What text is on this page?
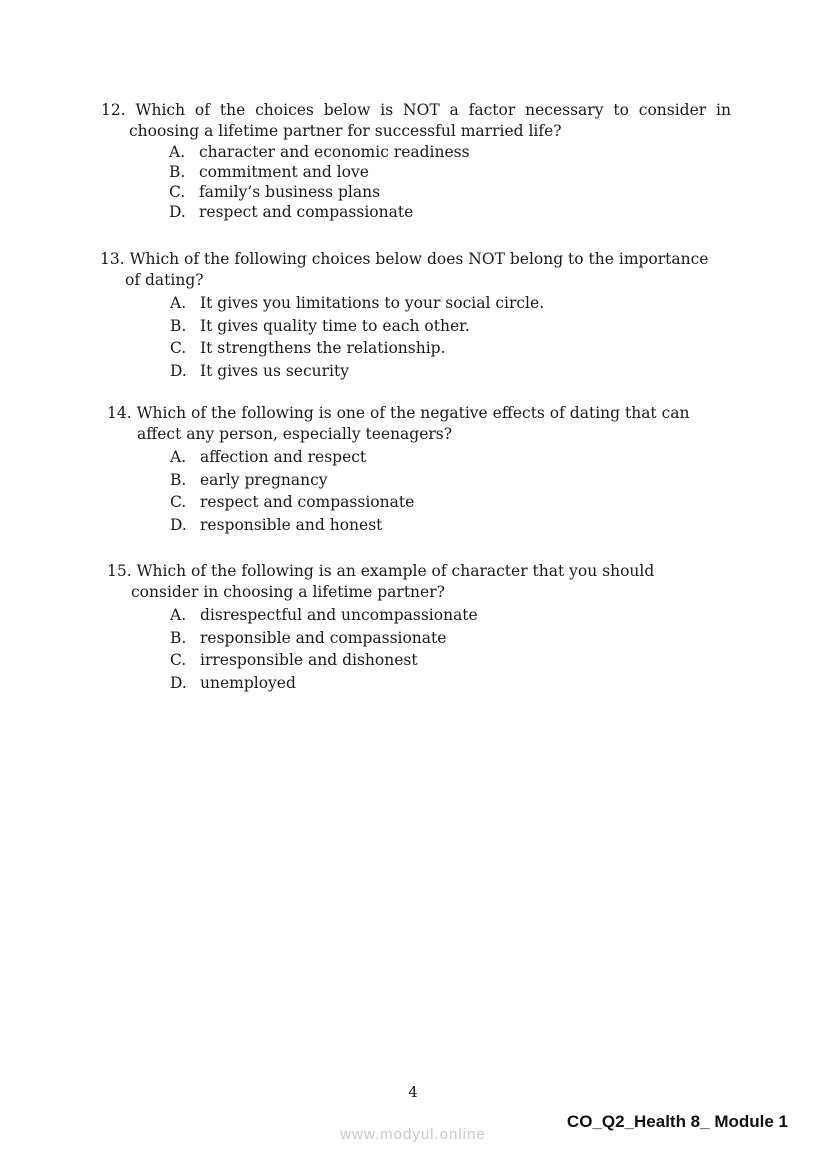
12. Which of the choices below is NOT a factor necessary to consider in
choosing a lifetime partner for successful married life?

A. character and economic readiness
B. commitment and love
C. family’s business plans
D. respect and compassionate

13. Which of the following choices below does NOT belong to the importance
of dating?

A. It gives you limitations to your social circle.
B. It gives quality time to each other.
C. It strengthens the relationship.
D. It gives us security

14. Which of the following is one of the negative effects of dating that can
affect any person, especially teenagers?

A. affection and respect
B. early pregnancy
C. respect and compassionate
D. responsible and honest

15. Which of the following is an example of character that you should
consider in choosing a lifetime partner?

A. disrespectful and uncompassionate
B. responsible and compassionate
C. irresponsible and dishonest
D. unemployed
4
CO_Q2_Health 8_ Module 1
www.modyul.online
